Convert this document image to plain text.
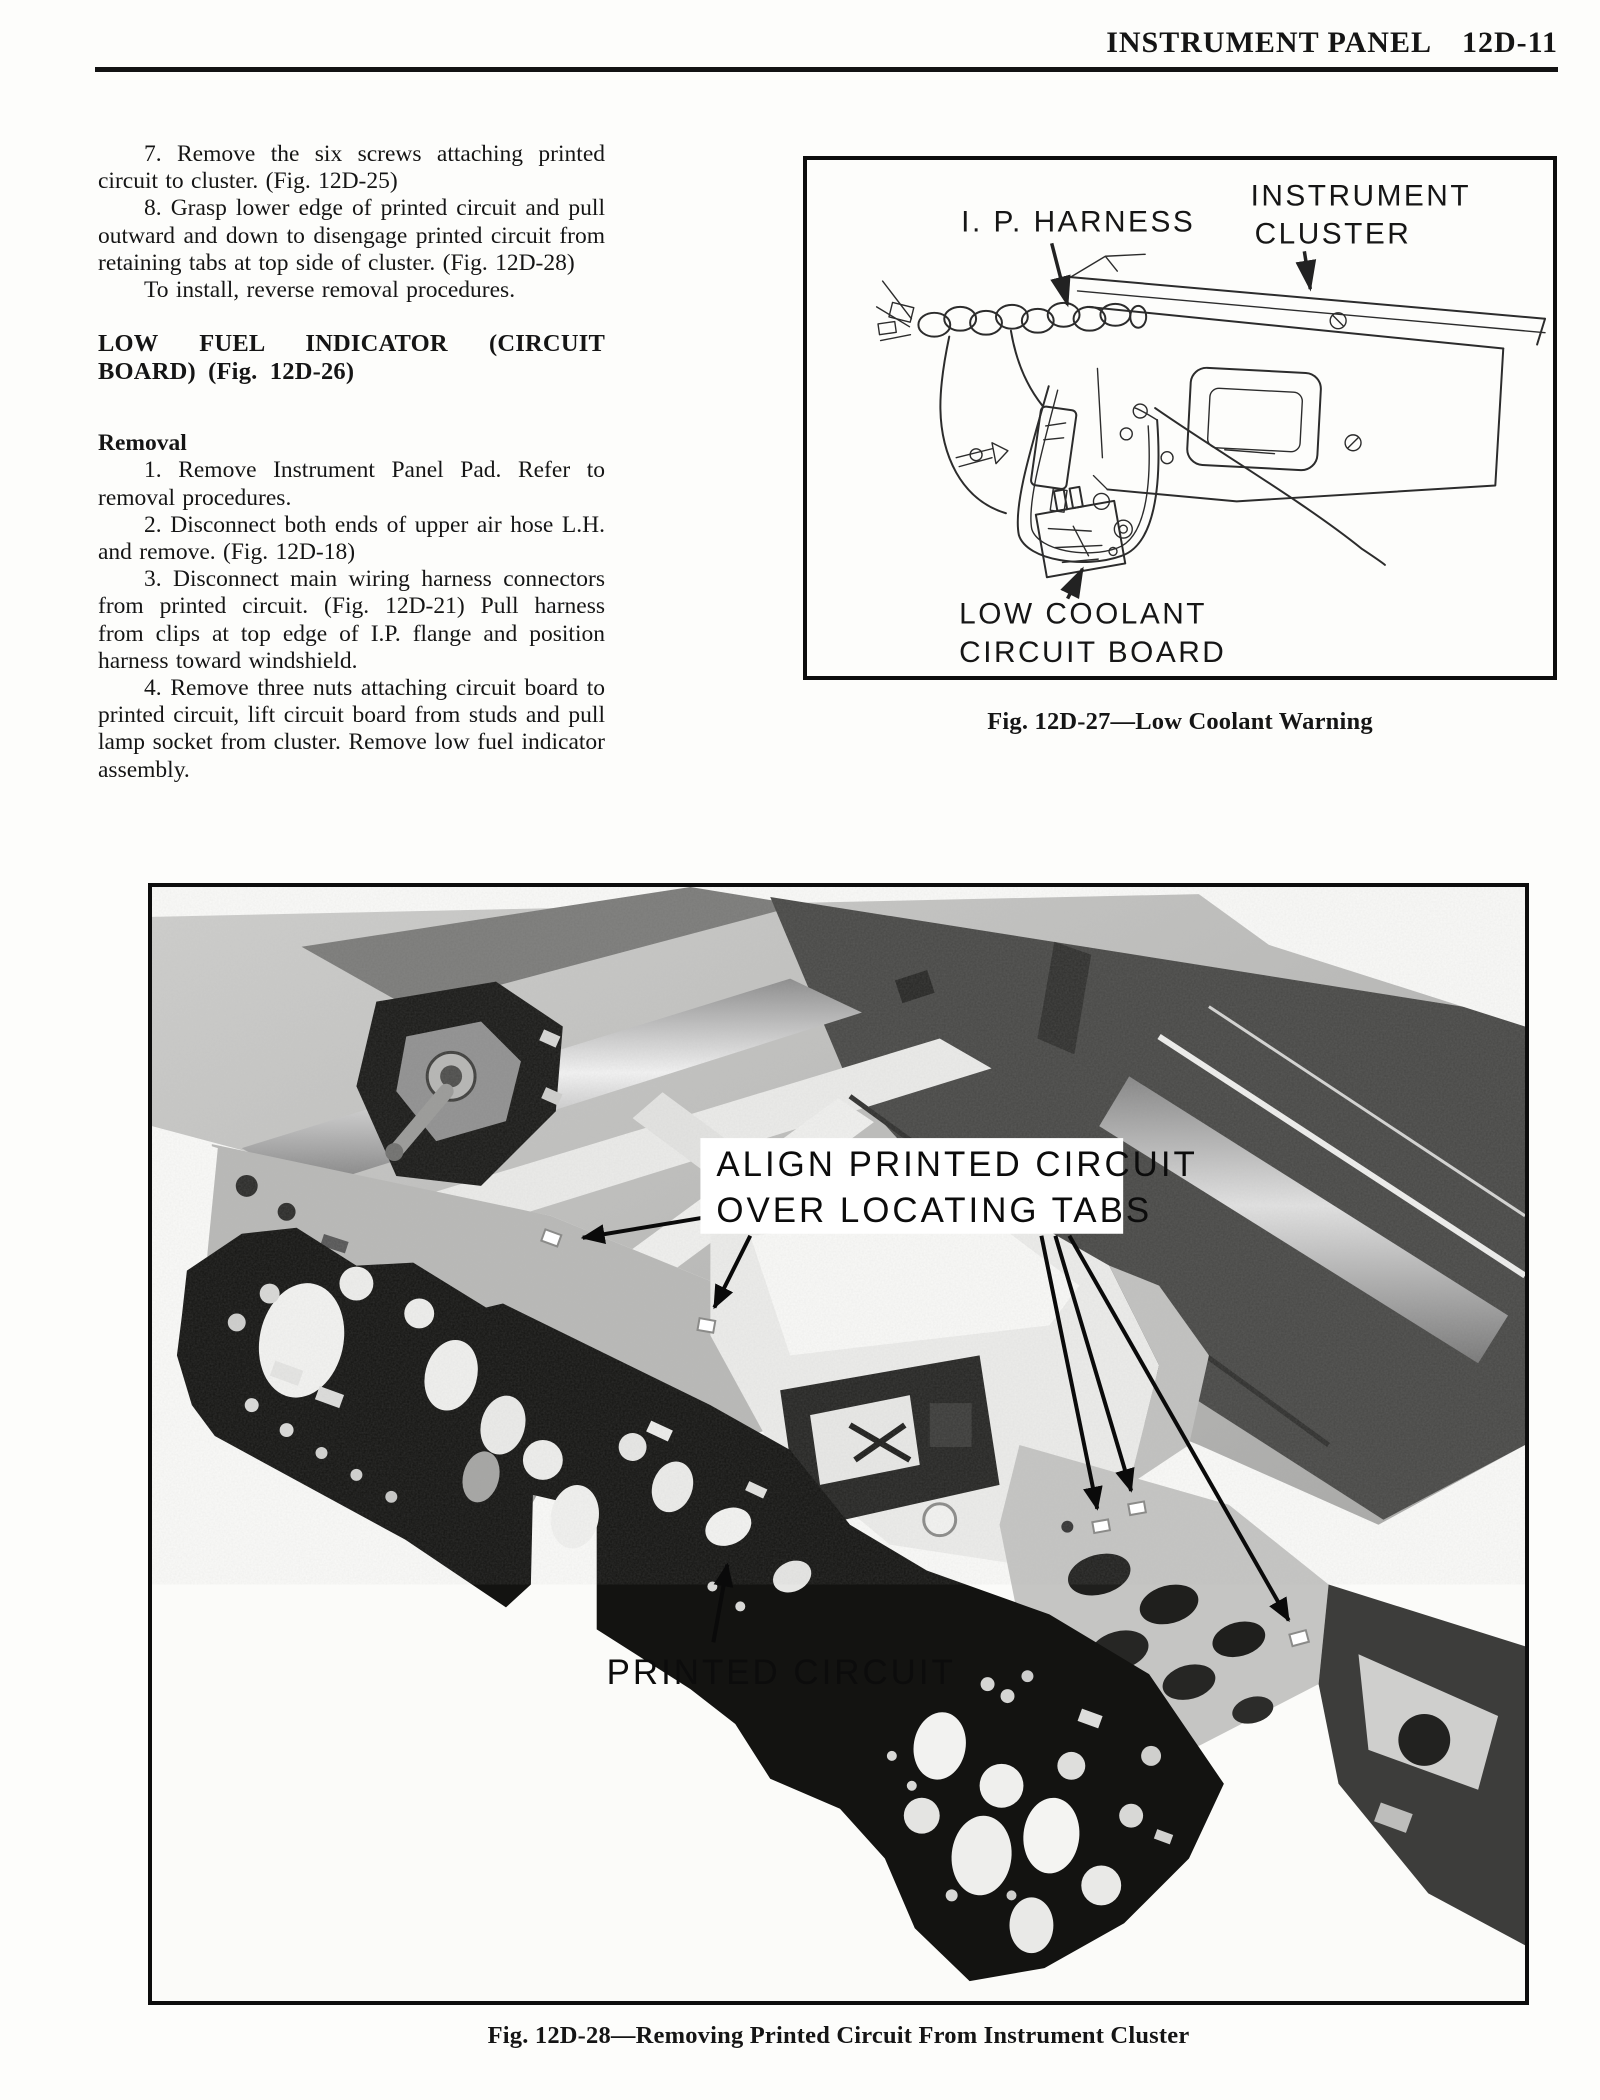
INSTRUMENT PANEL 12D-11

7. Remove the six screws attaching printed circuit to cluster. (Fig. 12D-25)

8. Grasp lower edge of printed circuit and pull outward and down to disengage printed circuit from retaining tabs at top side of cluster. (Fig. 12D-28)

To install, reverse removal procedures.

LOW FUEL INDICATOR (CIRCUIT BOARD) (Fig. 12D-26)

Removal

1. Remove Instrument Panel Pad. Refer to removal procedures.

2. Disconnect both ends of upper air hose L.H. and remove. (Fig. 12D-18)

3. Disconnect main wiring harness connectors from printed circuit. (Fig. 12D-21) Pull harness from clips at top edge of I.P. flange and position harness toward windshield.

4. Remove three nuts attaching circuit board to printed circuit, lift circuit board from studs and pull lamp socket from cluster. Remove low fuel indicator assembly.

I. P. HARNESS
INSTRUMENT
CLUSTER
LOW COOLANT
CIRCUIT BOARD
Fig. 12D-27—Low Coolant Warning
ALIGN PRINTED CIRCUIT
OVER LOCATING TABS
PRINTED CIRCUIT
Fig. 12D-28—Removing Printed Circuit From Instrument Cluster
